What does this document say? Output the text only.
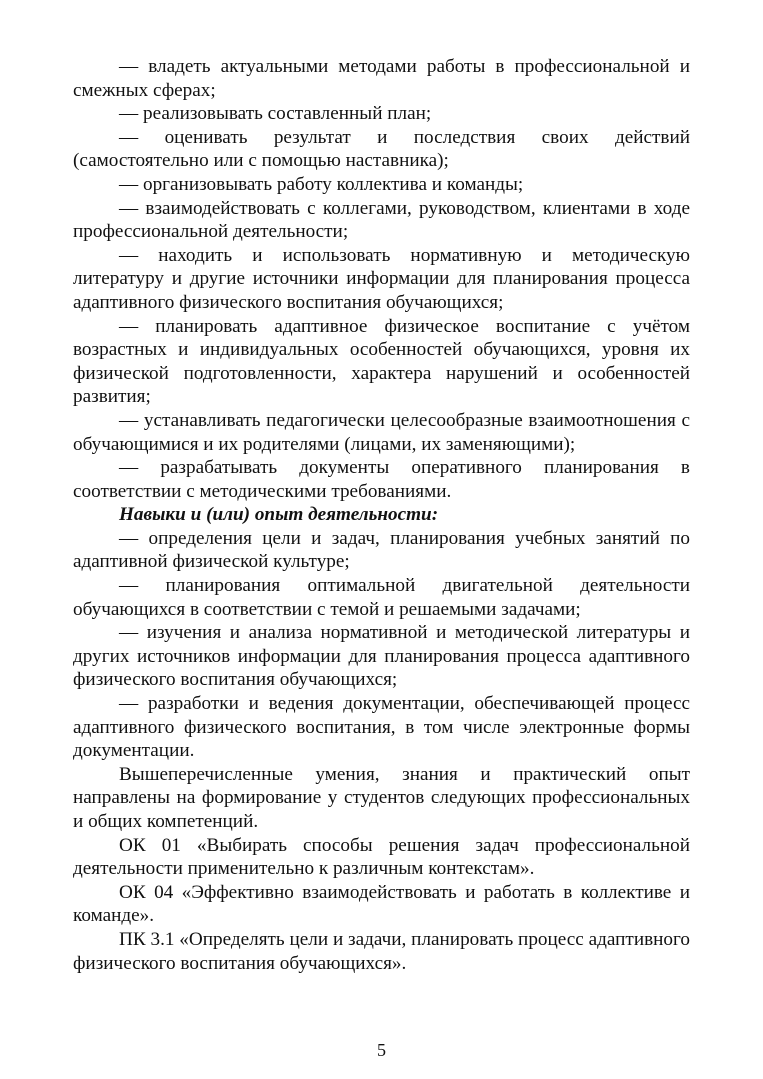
— владеть актуальными методами работы в профессиональной и смежных сферах;

— реализовывать составленный план;

— оценивать результат и последствия своих действий (самостоятельно или с помощью наставника);

— организовывать работу коллектива и команды;

— взаимодействовать с коллегами, руководством, клиентами в ходе профессиональной деятельности;

— находить и использовать нормативную и методическую литературу и другие источники информации для планирования процесса адаптивного физического воспитания обучающихся;

— планировать адаптивное физическое воспитание с учётом возрастных и индивидуальных особенностей обучающихся, уровня их физической подготовленности, характера нарушений и особенностей развития;

— устанавливать педагогически целесообразные взаимоотношения с обучающимися и их родителями (лицами, их заменяющими);

— разрабатывать документы оперативного планирования в соответствии с методическими требованиями.

Навыки и (или) опыт деятельности:

— определения цели и задач, планирования учебных занятий по адаптивной физической культуре;

— планирования оптимальной двигательной деятельности обучающихся в соответствии с темой и решаемыми задачами;

— изучения и анализа нормативной и методической литературы и других источников информации для планирования процесса адаптивного физического воспитания обучающихся;

— разработки и ведения документации, обеспечивающей процесс адаптивного физического воспитания, в том числе электронные формы документации.

Вышеперечисленные умения, знания и практический опыт направлены на формирование у студентов следующих профессиональных и общих компетенций.

ОК 01 «Выбирать способы решения задач профессиональной деятельности применительно к различным контекстам».

ОК 04 «Эффективно взаимодействовать и работать в коллективе и команде».

ПК 3.1 «Определять цели и задачи, планировать процесс адаптивного физического воспитания обучающихся».

5
